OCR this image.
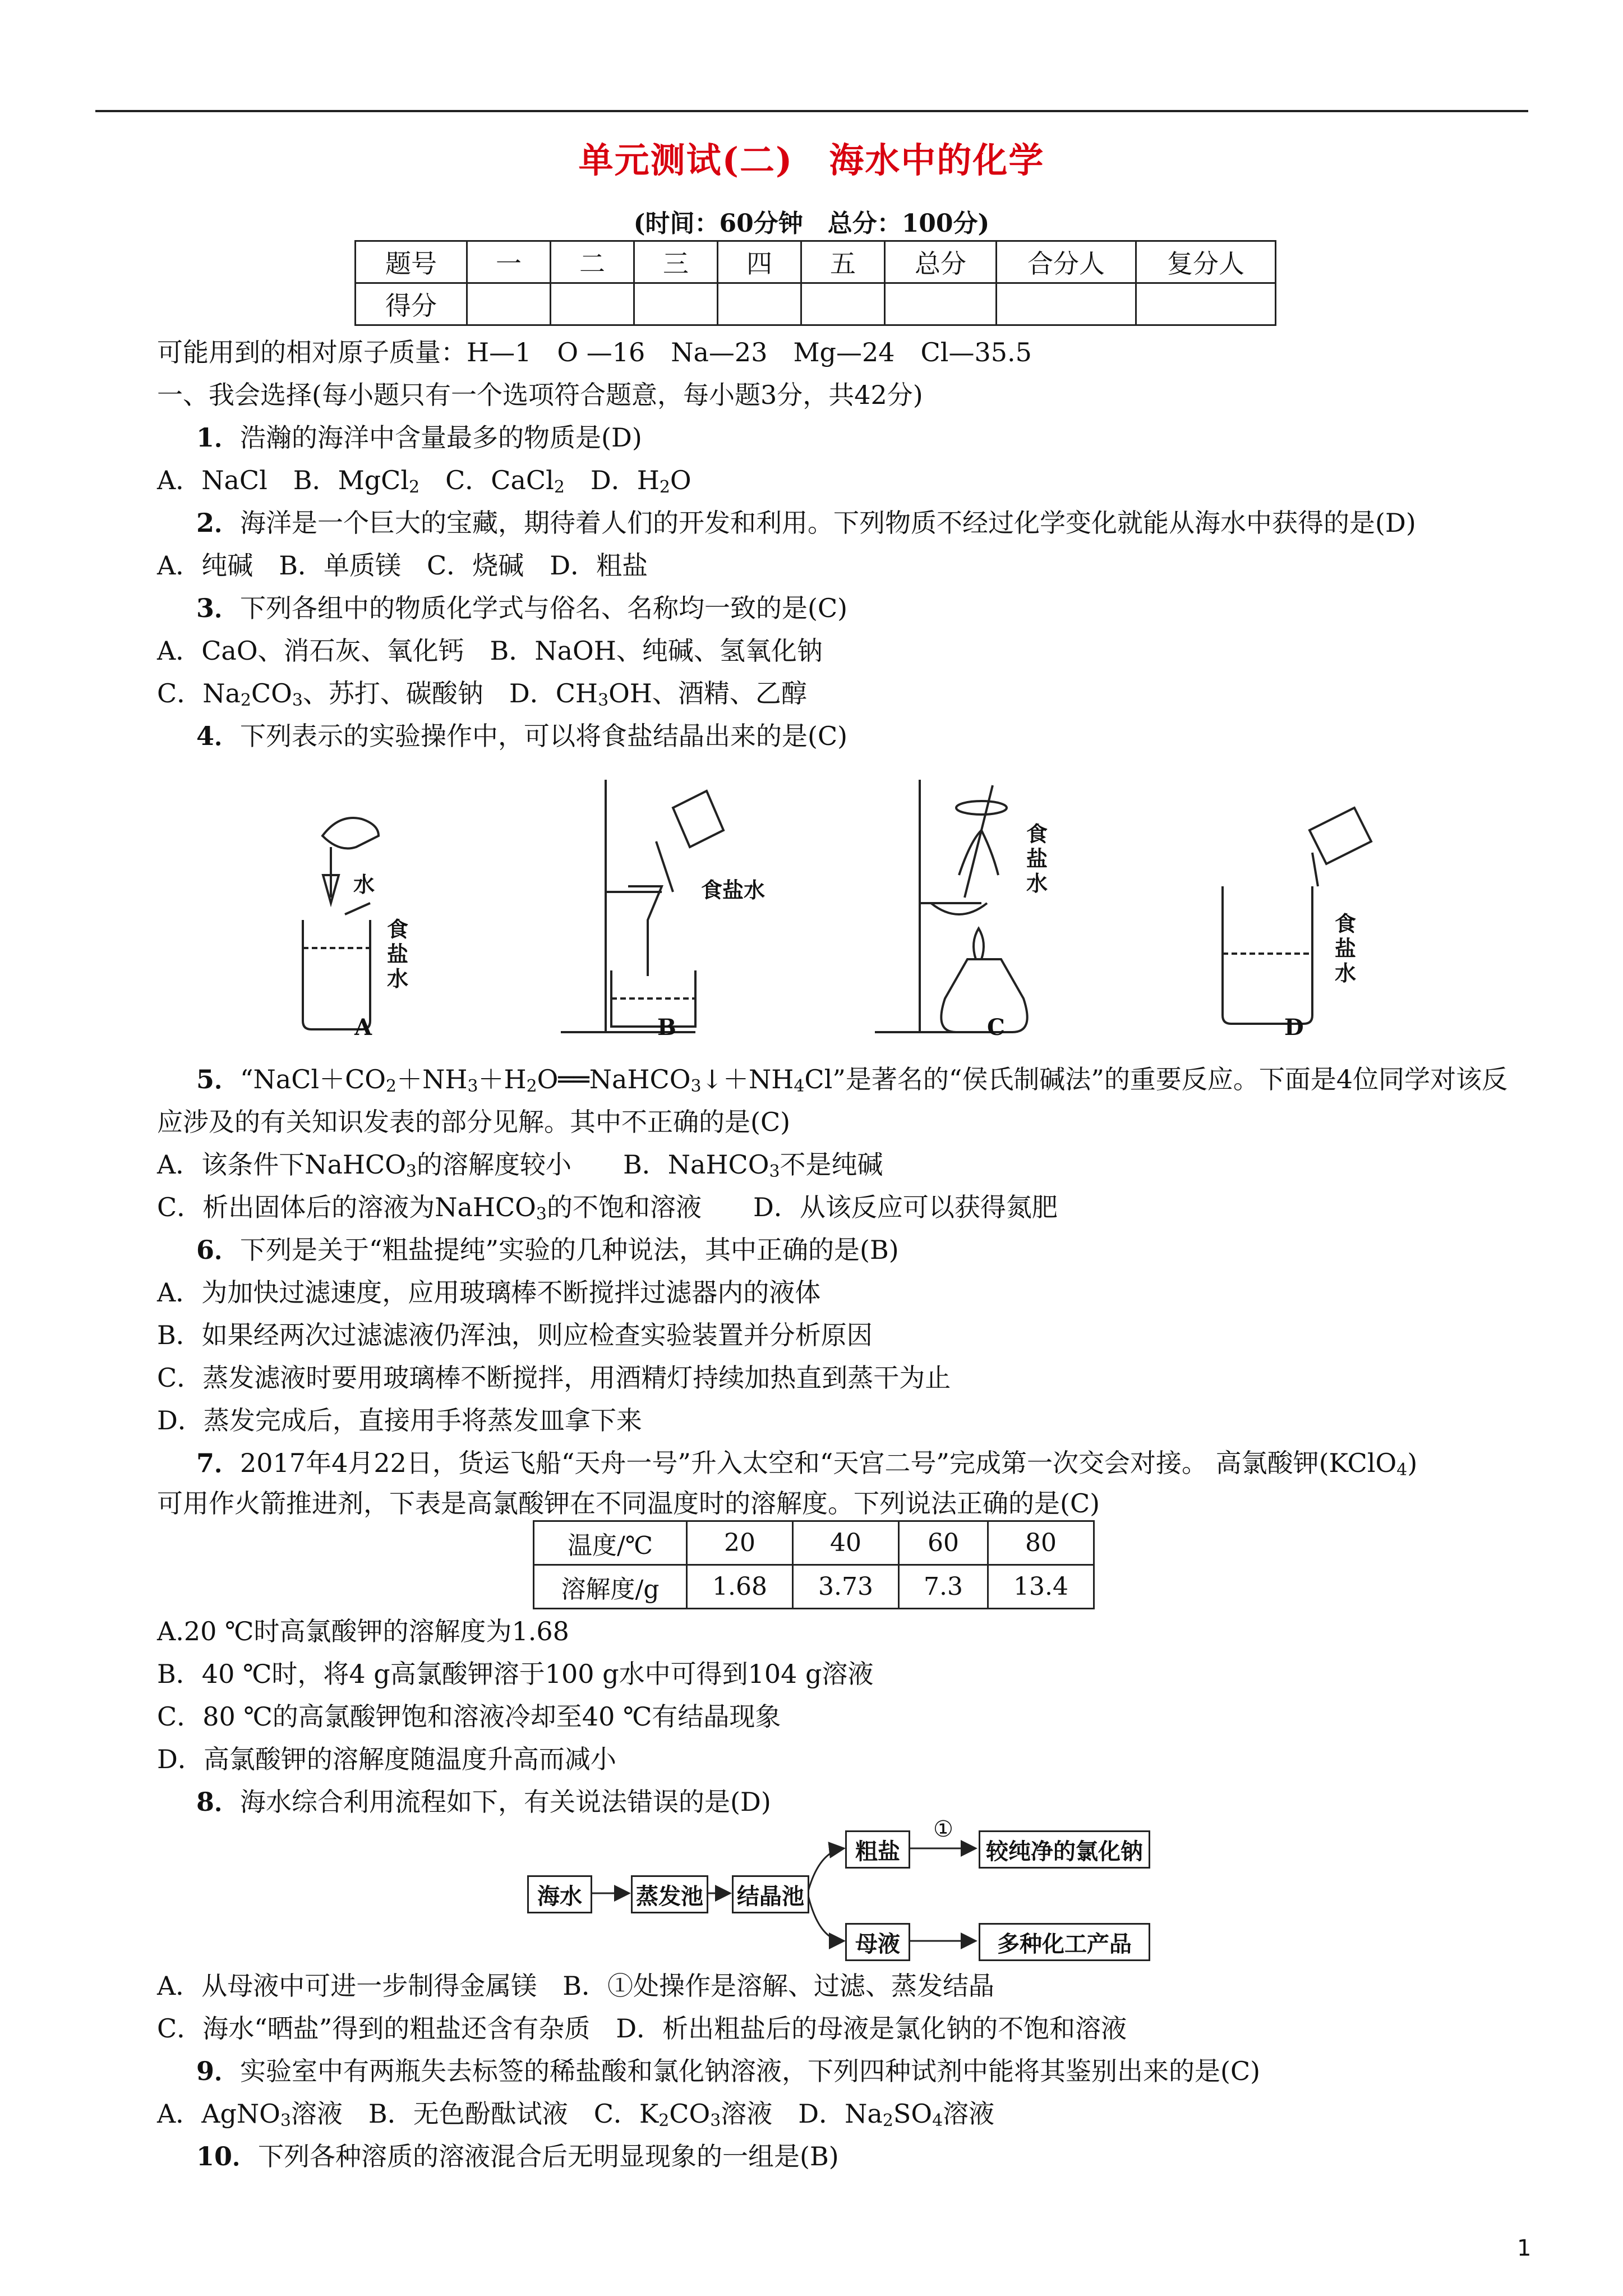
单元测试(二)　海水中的化学
(时间：60分钟　总分：100分)
题号	一	二	三	四	五	总分	合分人	复分人
得分								
可能用到的相对原子质量：H—1　O —16　Na—23　Mg—24　Cl—35.5
一、我会选择(每小题只有一个选项符合题意，每小题3分，共42分)
1．浩瀚的海洋中含量最多的物质是(D)
A．NaCl　B．MgCl$_2$　C．CaCl$_2$　D．$H_2O$
2．海洋是一个巨大的宝藏，期待着人们的开发和利用。下列物质不经过化学变化就能从海水中获得的是(D)
A．纯碱　B．单质镁　C．烧碱　D．粗盐
3．下列各组中的物质化学式与俗名、名称均一致的是(C)
A．CaO、消石灰、氧化钙　B．NaOH、纯碱、氢氧化钠
C．$Na_2CO_3$、苏打、碳酸钠　D．$CH_3OH$、酒精、乙醇
4．下列表示的实验操作中，可以将食盐结晶出来的是(C)
水
食 盐 水
食盐水
食 盐 水
食 盐 水
A	B	C	D
5．“$NaCl+CO_2+NH_3+H_2O══NaHCO_3↓+NH_4Cl$”是著名的“侯氏制碱法”的重要反应。下面是4位同学对该反
应涉及的有关知识发表的部分见解。其中不正确的是(C)
A．该条件下NaHCO$_3$的溶解度较小　　B．NaHCO$_3$不是纯碱
C．析出固体后的溶液为NaHCO$_3$的不饱和溶液　　D．从该反应可以获得氮肥
6．下列是关于“粗盐提纯”实验的几种说法，其中正确的是(B)
A．为加快过滤速度，应用玻璃棒不断搅拌过滤器内的液体
B．如果经两次过滤滤液仍浑浊，则应检查实验装置并分析原因
C．蒸发滤液时要用玻璃棒不断搅拌，用酒精灯持续加热直到蒸干为止
D．蒸发完成后，直接用手将蒸发皿拿下来
7．2017年4月22日，货运飞船“天舟一号”升入太空和“天宫二号”完成第一次交会对接。 高氯酸钾(KClO$_4$)
可用作火箭推进剂，下表是高氯酸钾在不同温度时的溶解度。下列说法正确的是(C)
温度/℃	20	40	60	80
溶解度/g	1.68	3.73	7.3	13.4
A.20 ℃时高氯酸钾的溶解度为1.68
B．40 ℃时，将4 g高氯酸钾溶于100 g水中可得到104 g溶液
C．80 ℃的高氯酸钾饱和溶液冷却至40 ℃有结晶现象
D．高氯酸钾的溶解度随温度升高而减小
8．海水综合利用流程如下，有关说法错误的是(D)
海水	蒸发池 结晶池
粗盐
①
较纯净的氯化钠
母液	多种化工产品
A．从母液中可进一步制得金属镁　B．①处操作是溶解、过滤、蒸发结晶
C．海水“晒盐”得到的粗盐还含有杂质　D．析出粗盐后的母液是氯化钠的不饱和溶液
9．实验室中有两瓶失去标签的稀盐酸和氯化钠溶液，下列四种试剂中能将其鉴别出来的是(C)
A．AgNO$_3$溶液　B．无色酚酞试液　C．$K_2CO_3$溶液　D．$Na_2SO_4$溶液
10．下列各种溶质的溶液混合后无明显现象的一组是(B)
1
